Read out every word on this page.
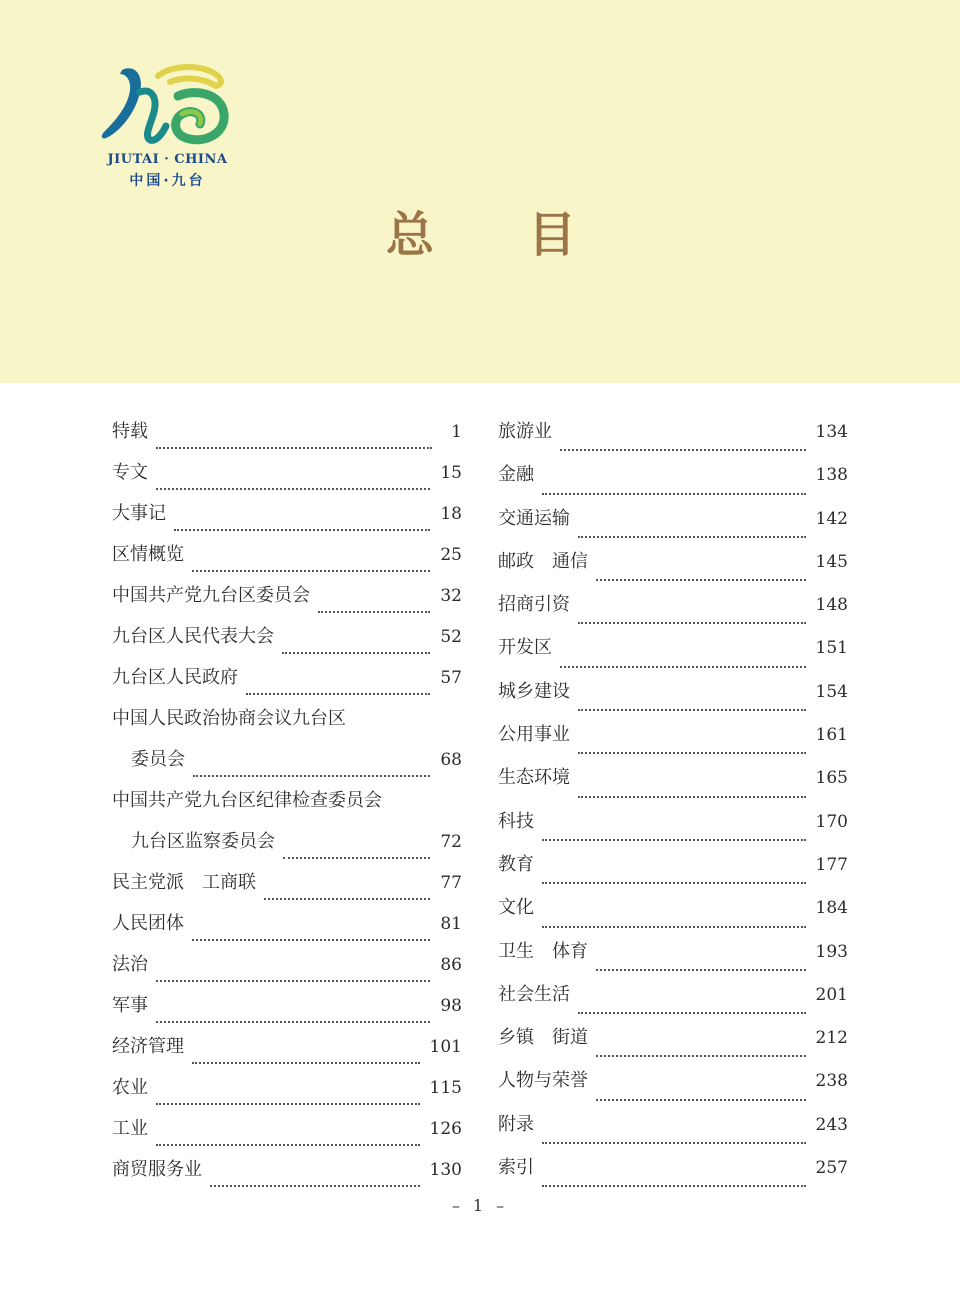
JIUTAI · CHINA
中国·九台
总 目
特载	1
专文	15
大事记	18
区情概览	25
中国共产党九台区委员会	32
九台区人民代表大会	52
九台区人民政府	57
中国人民政治协商会议九台区
委员会	68
中国共产党九台区纪律检查委员会
九台区监察委员会	72
民主党派　工商联	77
人民团体	81
法治	86
军事	98
经济管理	101
农业	115
工业	126
商贸服务业	130
旅游业	134
金融	138
交通运输	142
邮政　通信	145
招商引资	148
开发区	151
城乡建设	154
公用事业	161
生态环境	165
科技	170
教育	177
文化	184
卫生　体育	193
社会生活	201
乡镇　街道	212
人物与荣誉	238
附录	243
索引	257
– 1 –
